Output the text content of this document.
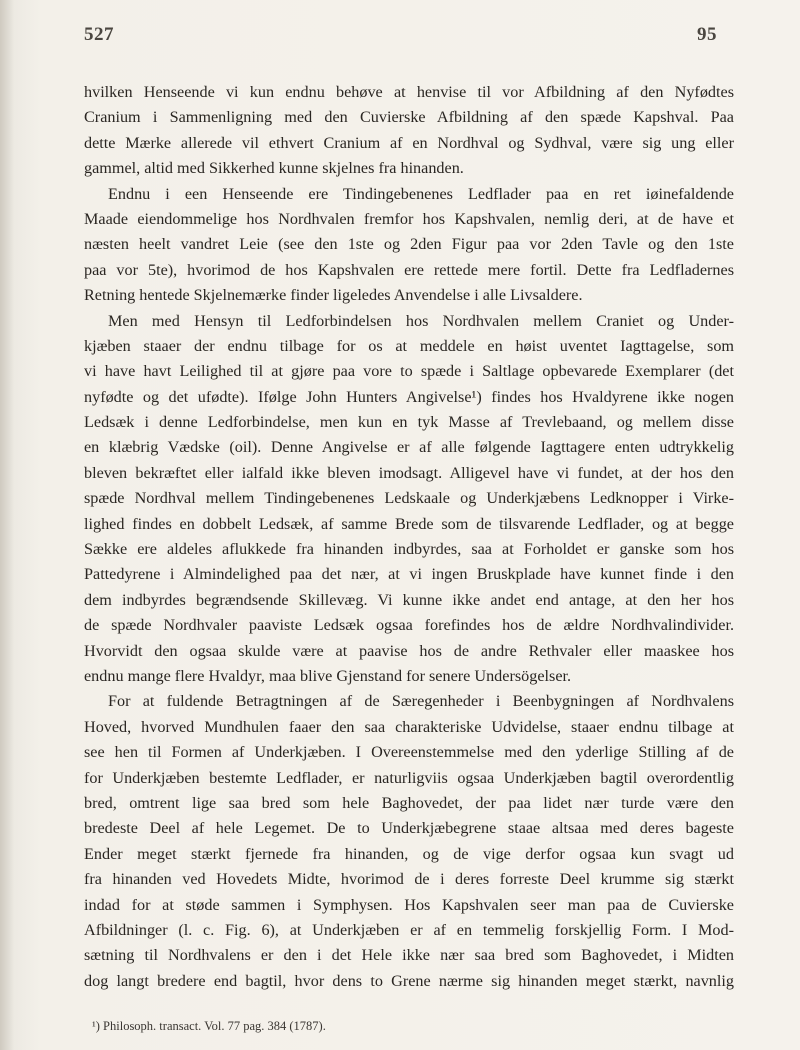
527	95
hvilken Henseende vi kun endnu behøve at henvise til vor Afbildning af den Nyfødtes
Cranium i Sammenligning med den Cuvierske Afbildning af den spæde Kapshval. Paa
dette Mærke allerede vil ethvert Cranium af en Nordhval og Sydhval, være sig ung eller
gammel, altid med Sikkerhed kunne skjelnes fra hinanden.
Endnu i een Henseende ere Tindingebenenes Ledflader paa en ret iøinefaldende
Maade eiendommelige hos Nordhvalen fremfor hos Kapshvalen, nemlig deri, at de have et
næsten heelt vandret Leie (see den 1ste og 2den Figur paa vor 2den Tavle og den 1ste
paa vor 5te), hvorimod de hos Kapshvalen ere rettede mere fortil. Dette fra Ledfladernes
Retning hentede Skjelnemærke finder ligeledes Anvendelse i alle Livsaldere.
Men med Hensyn til Ledforbindelsen hos Nordhvalen mellem Craniet og Under-
kjæben staaer der endnu tilbage for os at meddele en høist uventet Iagttagelse, som
vi have havt Leilighed til at gjøre paa vore to spæde i Saltlage opbevarede Exemplarer (det
nyfødte og det ufødte). Ifølge John Hunters Angivelse¹) findes hos Hvaldyrene ikke nogen
Ledsæk i denne Ledforbindelse, men kun en tyk Masse af Trevlebaand, og mellem disse
en klæbrig Vædske (oil). Denne Angivelse er af alle følgende Iagttagere enten udtrykkelig
bleven bekræftet eller ialfald ikke bleven imodsagt. Alligevel have vi fundet, at der hos den
spæde Nordhval mellem Tindingebenenes Ledskaale og Underkjæbens Ledknopper i Virke-
lighed findes en dobbelt Ledsæk, af samme Brede som de tilsvarende Ledflader, og at begge
Sække ere aldeles aflukkede fra hinanden indbyrdes, saa at Forholdet er ganske som hos
Pattedyrene i Almindelighed paa det nær, at vi ingen Bruskplade have kunnet finde i den
dem indbyrdes begrændsende Skillevæg. Vi kunne ikke andet end antage, at den her hos
de spæde Nordhvaler paaviste Ledsæk ogsaa forefindes hos de ældre Nordhvalindivider.
Hvorvidt den ogsaa skulde være at paavise hos de andre Rethvaler eller maaskee hos
endnu mange flere Hvaldyr, maa blive Gjenstand for senere Undersögelser.
For at fuldende Betragtningen af de Særegenheder i Beenbygningen af Nordhvalens
Hoved, hvorved Mundhulen faaer den saa charakteriske Udvidelse, staaer endnu tilbage at
see hen til Formen af Underkjæben. I Overeenstemmelse med den yderlige Stilling af de
for Underkjæben bestemte Ledflader, er naturligviis ogsaa Underkjæben bagtil overordentlig
bred, omtrent lige saa bred som hele Baghovedet, der paa lidet nær turde være den
bredeste Deel af hele Legemet. De to Underkjæbegrene staae altsaa med deres bageste
Ender meget stærkt fjernede fra hinanden, og de vige derfor ogsaa kun svagt ud
fra hinanden ved Hovedets Midte, hvorimod de i deres forreste Deel krumme sig stærkt
indad for at støde sammen i Symphysen. Hos Kapshvalen seer man paa de Cuvierske
Afbildninger (l. c. Fig. 6), at Underkjæben er af en temmelig forskjellig Form. I Mod-
sætning til Nordhvalens er den i det Hele ikke nær saa bred som Baghovedet, i Midten
dog langt bredere end bagtil, hvor dens to Grene nærme sig hinanden meget stærkt, navnlig
¹) Philosoph. transact. Vol. 77 pag. 384 (1787).
